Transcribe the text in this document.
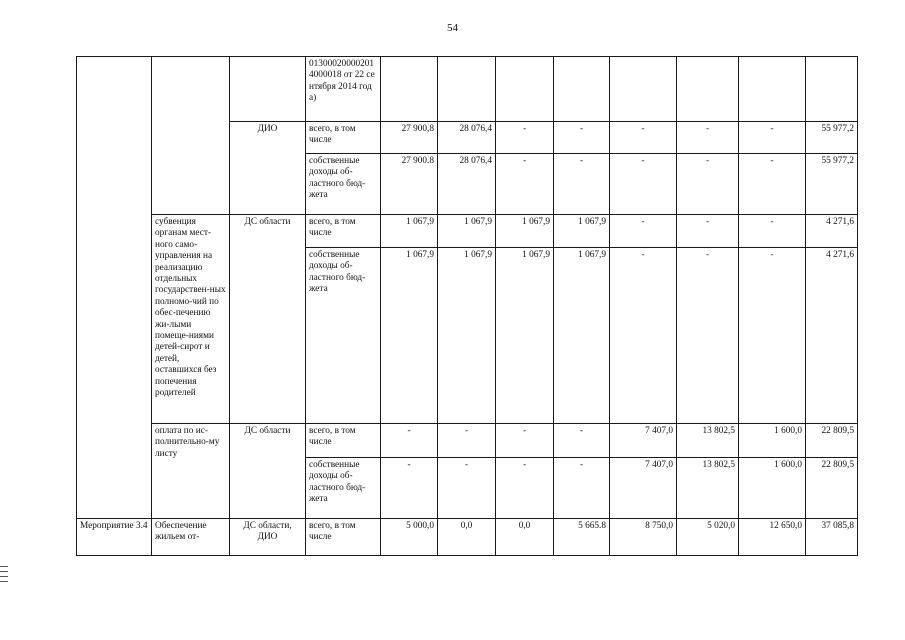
54
			013000200002014000018 от 22 сентября 2014 года)								
		ДИО	всего, в том числе	27 900,8	28 076,4	-	-	-	-	-	55 977,2
			собственные доходы об-ластного бюд-жета	27 900.8	28 076,4	-	-	-	-	-	55 977,2
	субвенция органам мест-ного само-управления на реализацию отдельных государствен-ных полномо-чий по обес-печению жи-лыми помеще-ниями детей-сирот и детей, оставшихся без попечения родителей	ДС области	всего, в том числе	1 067,9	1 067,9	1 067,9	1 067,9	-	-	-	4 271,6
			собственные доходы об-ластного бюд-жета	1 067,9	1 067,9	1 067,9	1 067,9	-	-	-	4 271,6
	оплата по ис-полнительно-му листу	ДС области	всего, в том числе	-	-	-	-	7 407,0	13 802,5	1 600,0	22 809,5
			собственные доходы об-ластного бюд-жета	-	-	-	-	7 407,0	13 802,5	1 600,0	22 809,5
Мероприятие 3.4	Обеспечение жильем от-	ДС области, ДИО	всего, в том числе	5 000,0	0,0	0,0	5 665.8	8 750,0	5 020,0	12 650,0	37 085,8
